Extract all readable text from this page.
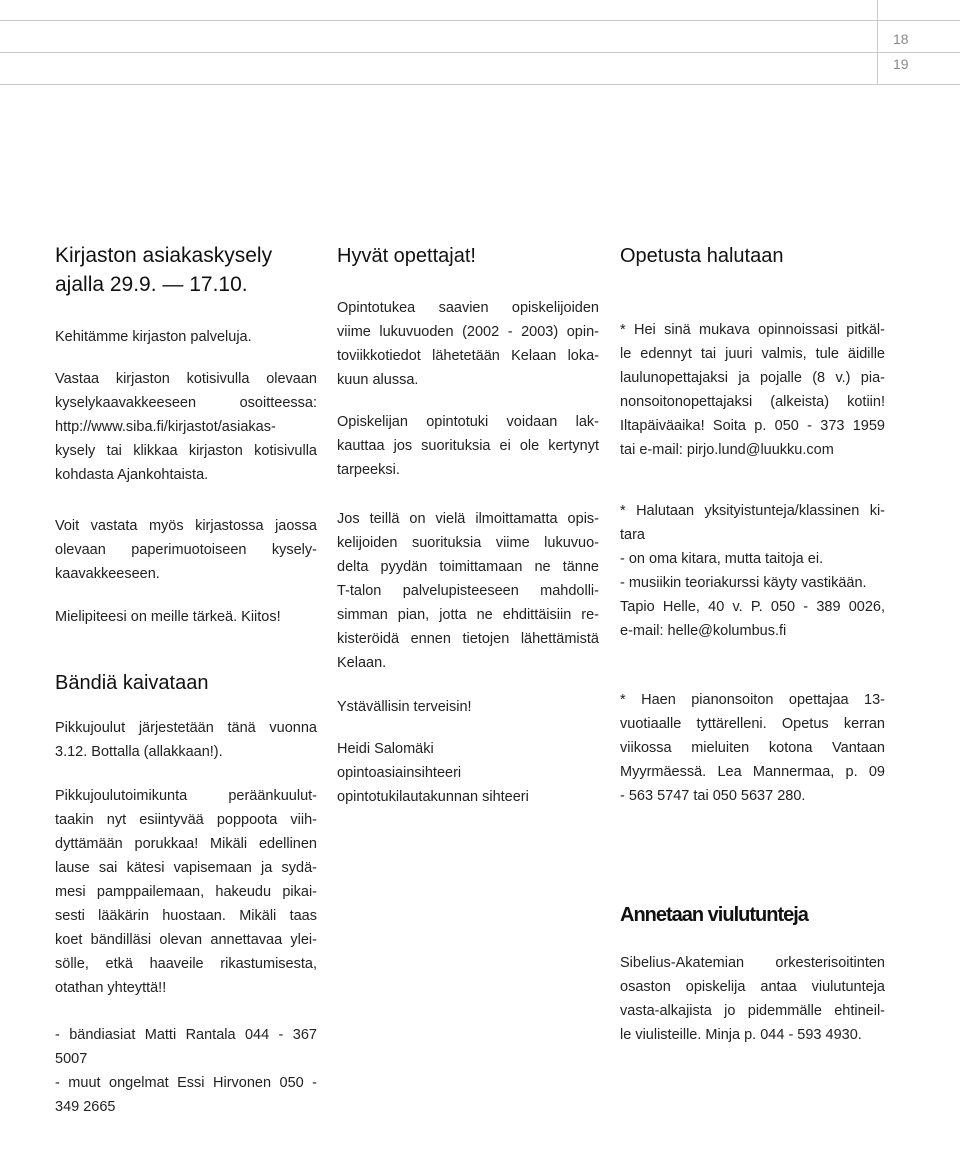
18
19
Kirjaston asiakaskysely
ajalla 29.9. — 17.10.

Kehitämme kirjaston palveluja.

Vastaa kirjaston kotisivulla olevaan

kyselykaavakkeeseen osoitteessa:

http://www.siba.fi/kirjastot/asiakas-

kysely tai klikkaa kirjaston kotisivulla

kohdasta Ajankohtaista.

Voit vastata myös kirjastossa jaossa

olevaan paperimuotoiseen kysely-

kaavakkeeseen.

Mielipiteesi on meille tärkeä. Kiitos!

Bändiä kaivataan

Pikkujoulut järjestetään tänä vuonna

3.12. Bottalla (allakkaan!).

Pikkujoulutoimikunta peräänkuulut-

taakin nyt esiintyvää poppoota viih-

dyttämään porukkaa! Mikäli edellinen

lause sai kätesi vapisemaan ja sydä-

mesi pamppailemaan, hakeudu pikai-

sesti lääkärin huostaan. Mikäli taas

koet bändilläsi olevan annettavaa ylei-

sölle, etkä haaveile rikastumisesta,

otathan yhteyttä!!

- bändiasiat Matti Rantala 044 - 367

5007

- muut ongelmat Essi Hirvonen 050 -

349 2665

Hyvät opettajat!

Opintotukea saavien opiskelijoiden

viime lukuvuoden (2002 - 2003) opin-

toviikkotiedot lähetetään Kelaan loka-

kuun alussa.

Opiskelijan opintotuki voidaan lak-

kauttaa jos suorituksia ei ole kertynyt

tarpeeksi.

Jos teillä on vielä ilmoittamatta opis-

kelijoiden suorituksia viime lukuvuo-

delta pyydän toimittamaan ne tänne

T-talon palvelupisteeseen mahdolli-

simman pian, jotta ne ehdittäisiin re-

kisteröidä ennen tietojen lähettämistä

Kelaan.

Ystävällisin terveisin!

Heidi Salomäki

opintoasiainsihteeri

opintotukilautakunnan sihteeri

Opetusta halutaan

* Hei sinä mukava opinnoissasi pitkäl-

le edennyt tai juuri valmis, tule äidille

laulunopettajaksi ja pojalle (8 v.) pia-

nonsoitonopettajaksi (alkeista) kotiin!

Iltapäiväaika! Soita p. 050 - 373 1959

tai e-mail: pirjo.lund@luukku.com

* Halutaan yksityistunteja/klassinen ki-

tara

- on oma kitara, mutta taitoja ei.

- musiikin teoriakurssi käyty vastikään.

Tapio Helle, 40 v. P. 050 - 389 0026,

e-mail: helle@kolumbus.fi

* Haen pianonsoiton opettajaa 13-

vuotiaalle tyttärelleni. Opetus kerran

viikossa mieluiten kotona Vantaan

Myyrmäessä. Lea Mannermaa, p. 09

- 563 5747 tai 050 5637 280.

Annetaan viulutunteja

Sibelius-Akatemian orkesterisoitinten

osaston opiskelija antaa viulutunteja

vasta-alkajista jo pidemmälle ehtineil-

le viulisteille. Minja p. 044 - 593 4930.
